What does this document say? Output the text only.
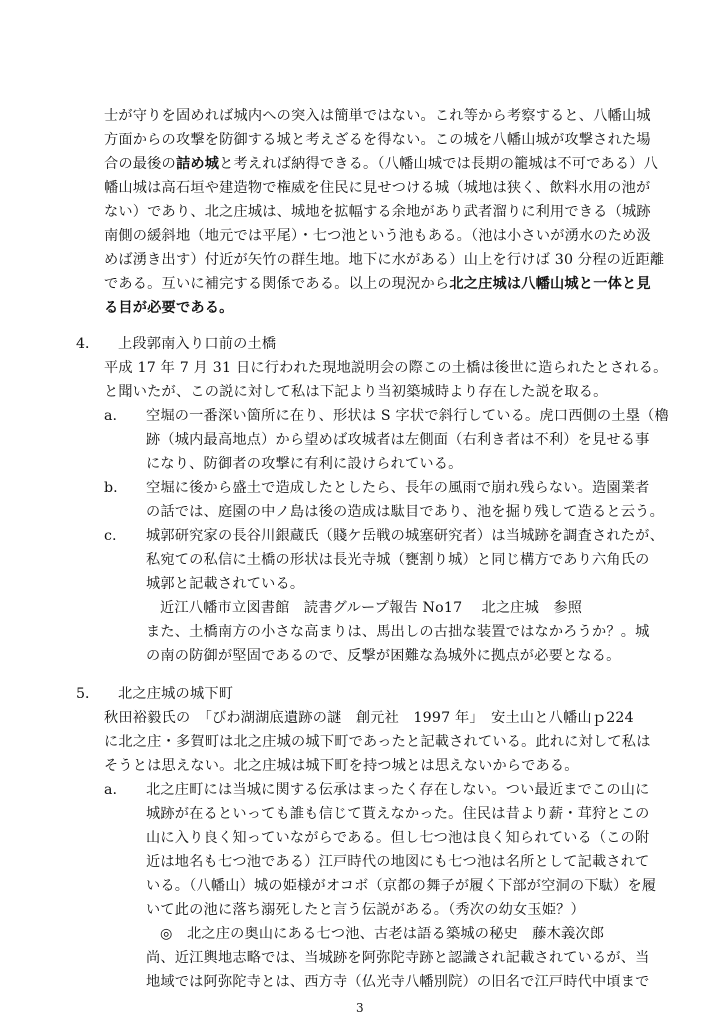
士が守りを固めれば城内への突入は簡単ではない。これ等から考察すると、八幡山城
方面からの攻撃を防御する城と考えざるを得ない。この城を八幡山城が攻撃された場
合の最後の詰め城と考えれば納得できる。（八幡山城では長期の籠城は不可である）八
幡山城は高石垣や建造物で権威を住民に見せつける城（城地は狭く、飲料水用の池が
ない）であり、北之庄城は、城地を拡幅する余地があり武者溜りに利用できる（城跡
南側の緩斜地（地元では平尾）・七つ池という池もある。（池は小さいが湧水のため汲
めば湧き出す）付近が矢竹の群生地。地下に水がある）山上を行けば 30 分程の近距離
である。互いに補完する関係である。以上の現況から北之庄城は八幡山城と一体と見
る目が必要である。
4． 上段郭南入り口前の土橋
平成 17 年 7 月 31 日に行われた現地説明会の際この土橋は後世に造られたとされる。
と聞いたが、この説に対して私は下記より当初築城時より存在した説を取る。
a. 空堀の一番深い箇所に在り、形状は S 字状で斜行している。虎口西側の土塁（櫓
跡（城内最高地点）から望めば攻城者は左側面（右利き者は不利）を見せる事
になり、防御者の攻撃に有利に設けられている。
b. 空堀に後から盛土で造成したとしたら、長年の風雨で崩れ残らない。造園業者
の話では、庭園の中ノ島は後の造成は駄目であり、池を掘り残して造ると云う。
c. 城郭研究家の長谷川銀蔵氏（賤ケ岳戦の城塞研究者）は当城跡を調査されたが、
私宛ての私信に土橋の形状は長光寺城（甕割り城）と同じ構方であり六角氏の
城郭と記載されている。
近江八幡市立図書館　読書グループ報告 No17　 北之庄城　参照
また、土橋南方の小さな高まりは、馬出しの古拙な装置ではなかろうか？。城
の南の防御が堅固であるので、反撃が困難な為城外に拠点が必要となる。
5． 北之庄城の城下町
秋田裕毅氏の　「びわ湖湖底遺跡の謎　創元社　1997 年」　安土山と八幡山ｐ224
に北之庄・多賀町は北之庄城の城下町であったと記載されている。此れに対して私は
そうとは思えない。北之庄城は城下町を持つ城とは思えないからである。
a. 北之庄町には当城に関する伝承はまったく存在しない。つい最近までこの山に
城跡が在るといっても誰も信じて貰えなかった。住民は昔より薪・茸狩とこの
山に入り良く知っていながらである。但し七つ池は良く知られている（この附
近は地名も七つ池である）江戸時代の地図にも七つ池は名所として記載されて
いる。（八幡山）城の姫様がオコボ（京都の舞子が履く下部が空洞の下駄）を履
いて此の池に落ち溺死したと言う伝説がある。（秀次の幼女玉姫？）
◎　北之庄の奥山にある七つ池、古老は語る築城の秘史　藤木義次郎
3
尚、近江輿地志略では、当城跡を阿弥陀寺跡と認識され記載されているが、当
地域では阿弥陀寺とは、西方寺（仏光寺八幡別院）の旧名で江戸時代中頃まで
